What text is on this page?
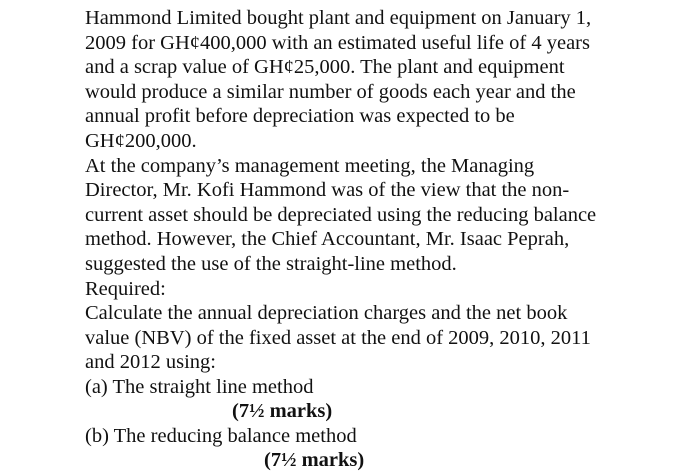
Hammond Limited bought plant and equipment on January 1,
2009 for GH¢400,000 with an estimated useful life of 4 years
and a scrap value of GH¢25,000. The plant and equipment
would produce a similar number of goods each year and the
annual profit before depreciation was expected to be
GH¢200,000.
At the company’s management meeting, the Managing
Director, Mr. Kofi Hammond was of the view that the non-
current asset should be depreciated using the reducing balance
method. However, the Chief Accountant, Mr. Isaac Peprah,
suggested the use of the straight-line method.
Required:
Calculate the annual depreciation charges and the net book
value (NBV) of the fixed asset at the end of 2009, 2010, 2011
and 2012 using:
(a) The straight line method
(7½ marks)
(b) The reducing balance method
(7½ marks)
